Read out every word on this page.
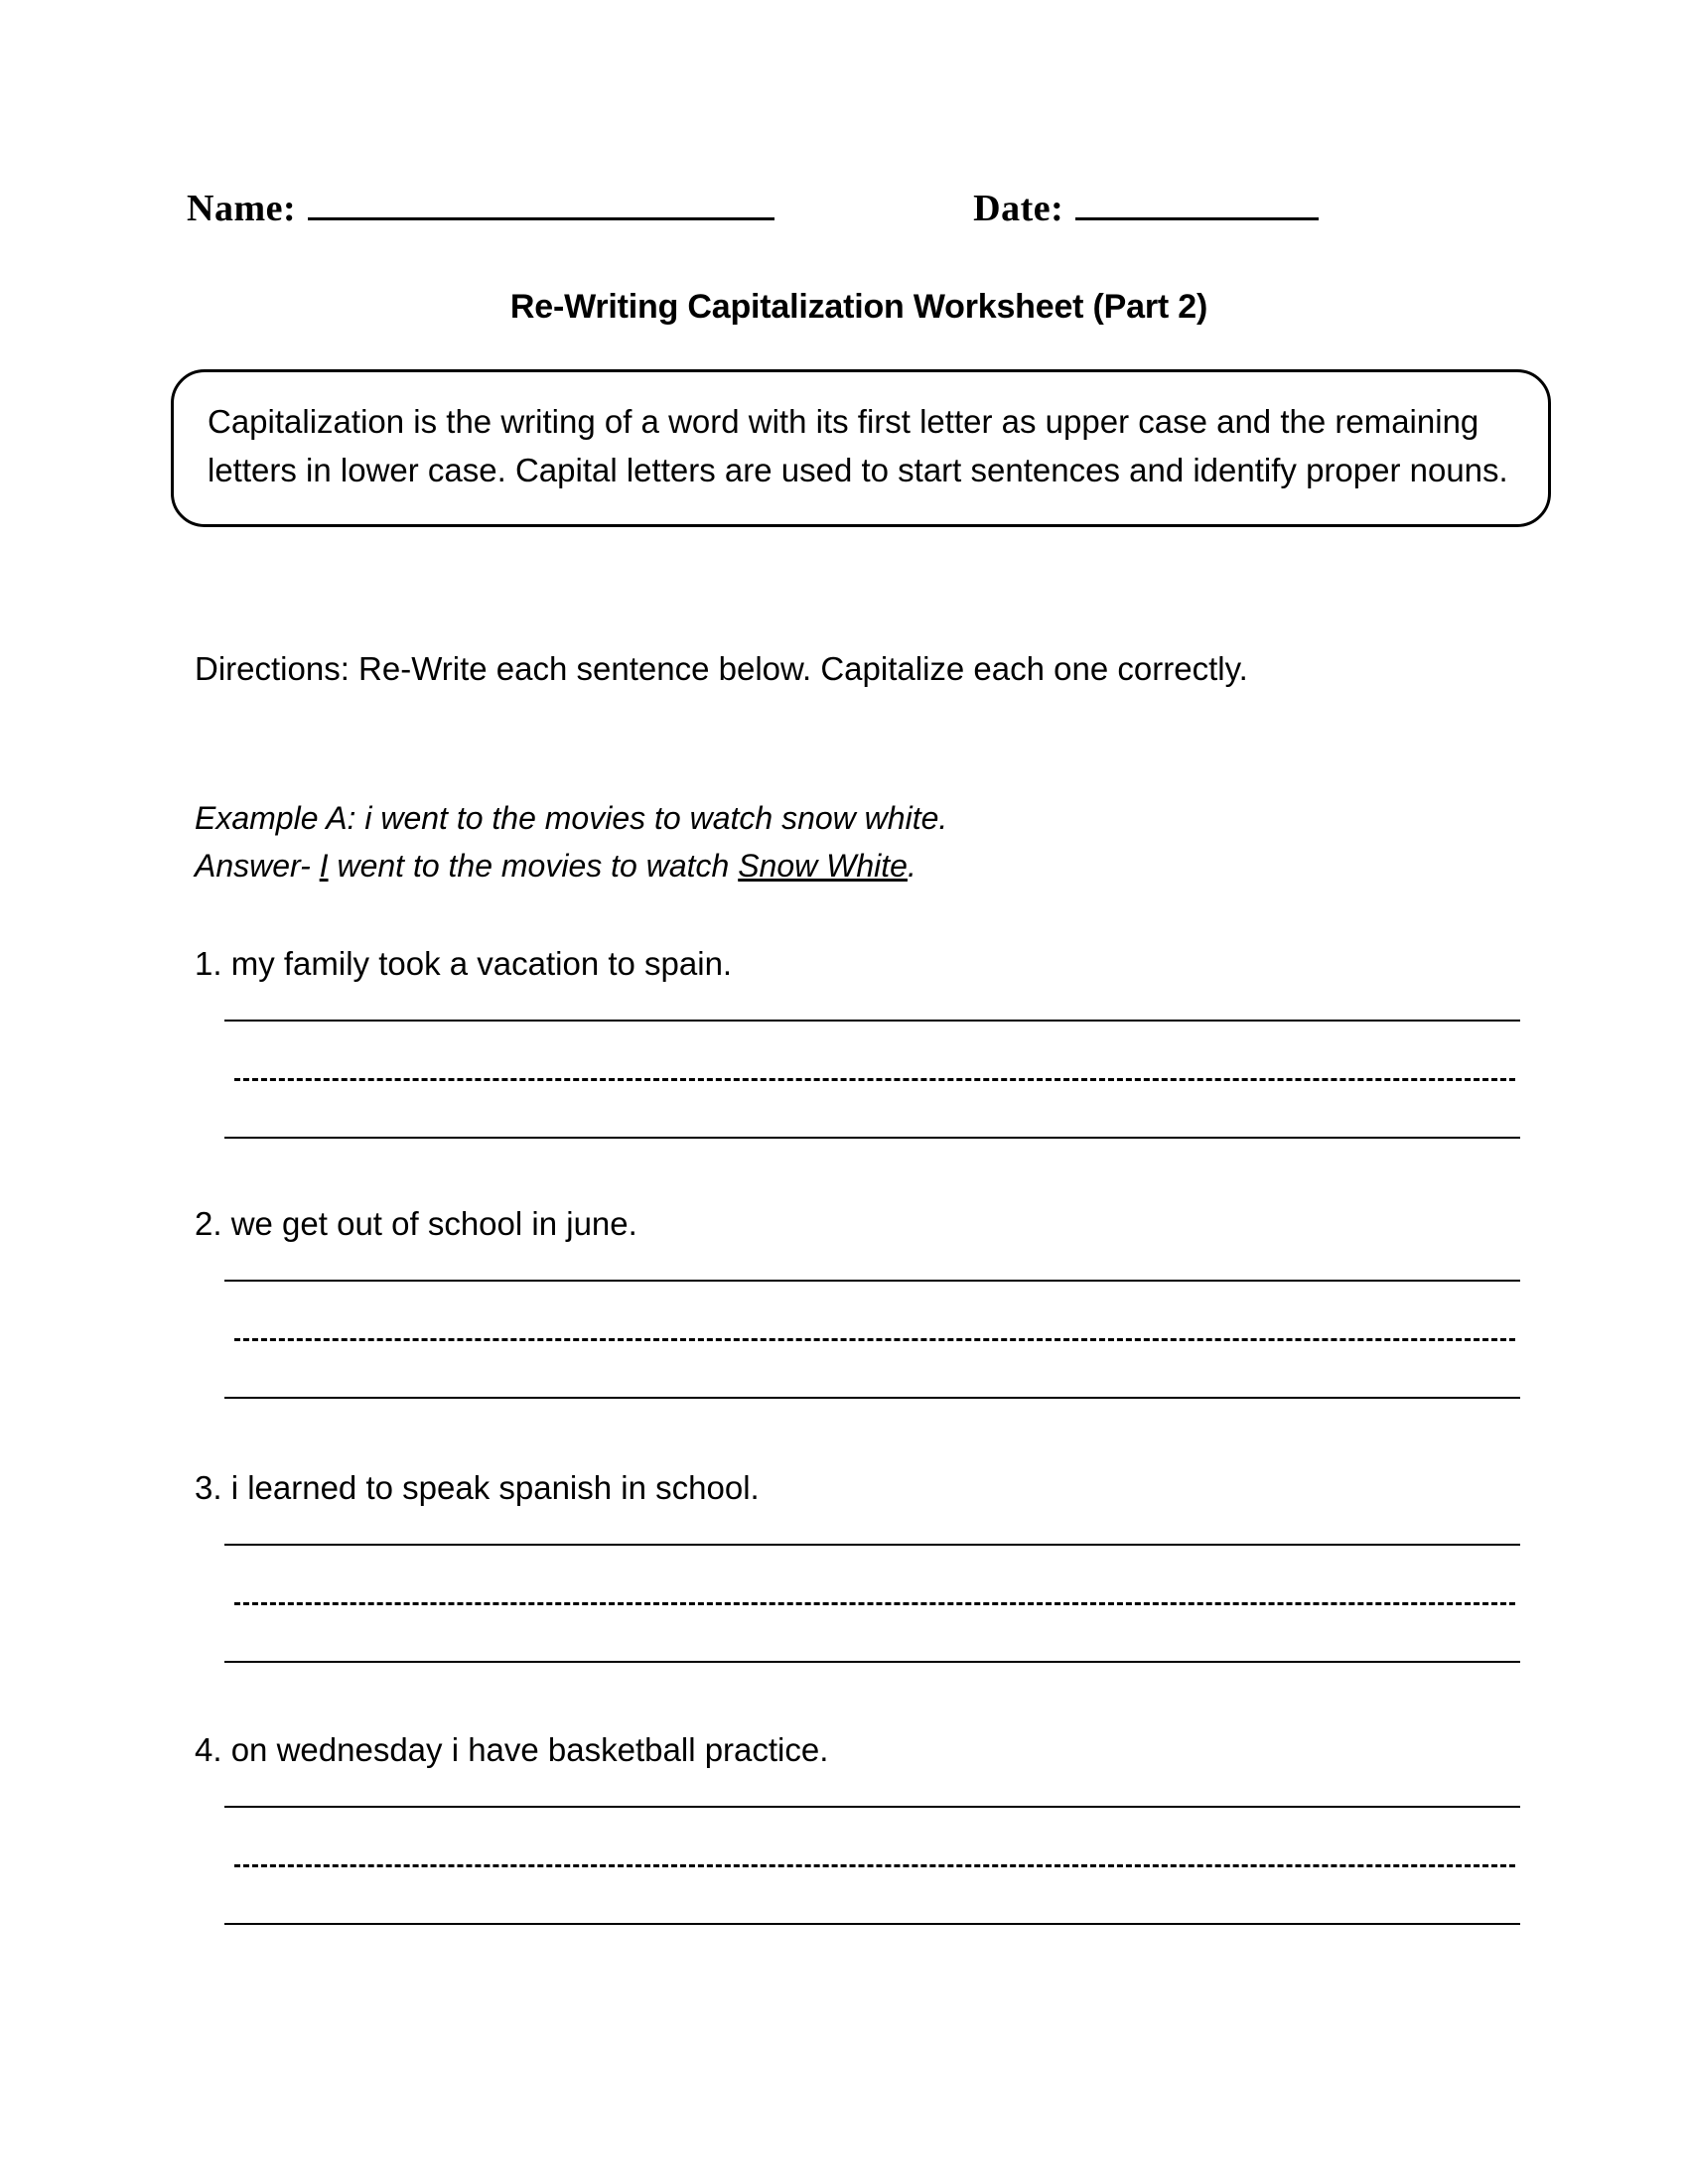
Name:	Date:
Re-Writing Capitalization Worksheet (Part 2)
Capitalization is the writing of a word with its first letter as upper case and the remaining letters in lower case. Capital letters are used to start sentences and identify proper nouns.
Directions: Re-Write each sentence below. Capitalize each one correctly.
Example A: i went to the movies to watch snow white.
Answer- I went to the movies to watch Snow White.
1. my family took a vacation to spain.
2. we get out of school in june.
3. i learned to speak spanish in school.
4. on wednesday i have basketball practice.
